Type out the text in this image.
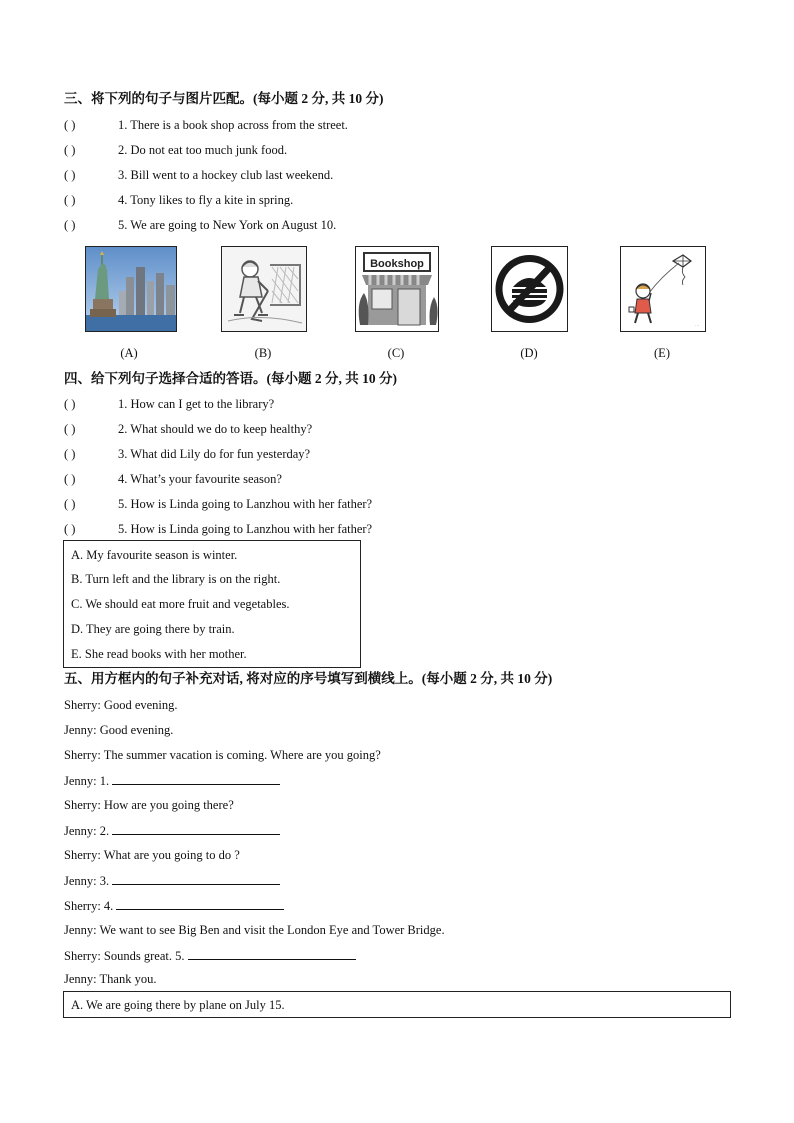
三、将下列的句子与图片匹配。(每小题 2 分, 共 10 分)
( )	1. There is a book shop across from the street.
( )	2. Do not eat too much junk food.
( )	3. Bill went to a hockey club last weekend.
( )	4. Tony likes to fly a kite in spring.
( )	5. We are going to New York on August 10.
Bookshop
···
(A)	(B)	(C)	(D)	(E)
四、给下列句子选择合适的答语。(每小题 2 分, 共 10 分)
( )	1. How can I get to the library?
( )	2. What should we do to keep healthy?
( )	3. What did Lily do for fun yesterday?
( )	4. What’s your favourite season?
( )	5. How is Linda going to Lanzhou with her father?
( )	5. How is Linda going to Lanzhou with her father?
A. My favourite season is winter.
B. Turn left and the library is on the right.
C. We should eat more fruit and vegetables.
D. They are going there by train.
E. She read books with her mother.
五、用方框内的句子补充对话, 将对应的序号填写到横线上。(每小题 2 分, 共 10 分)
Sherry: Good evening.
Jenny: Good evening.
Sherry: The summer vacation is coming. Where are you going?
Jenny: 1.
Sherry: How are you going there?
Jenny: 2.
Sherry: What are you going to do ?
Jenny: 3.
Sherry: 4.
Jenny: We want to see Big Ben and visit the London Eye and Tower Bridge.
Sherry: Sounds great. 5.
Jenny: Thank you.
A. We are going there by plane on July 15.
